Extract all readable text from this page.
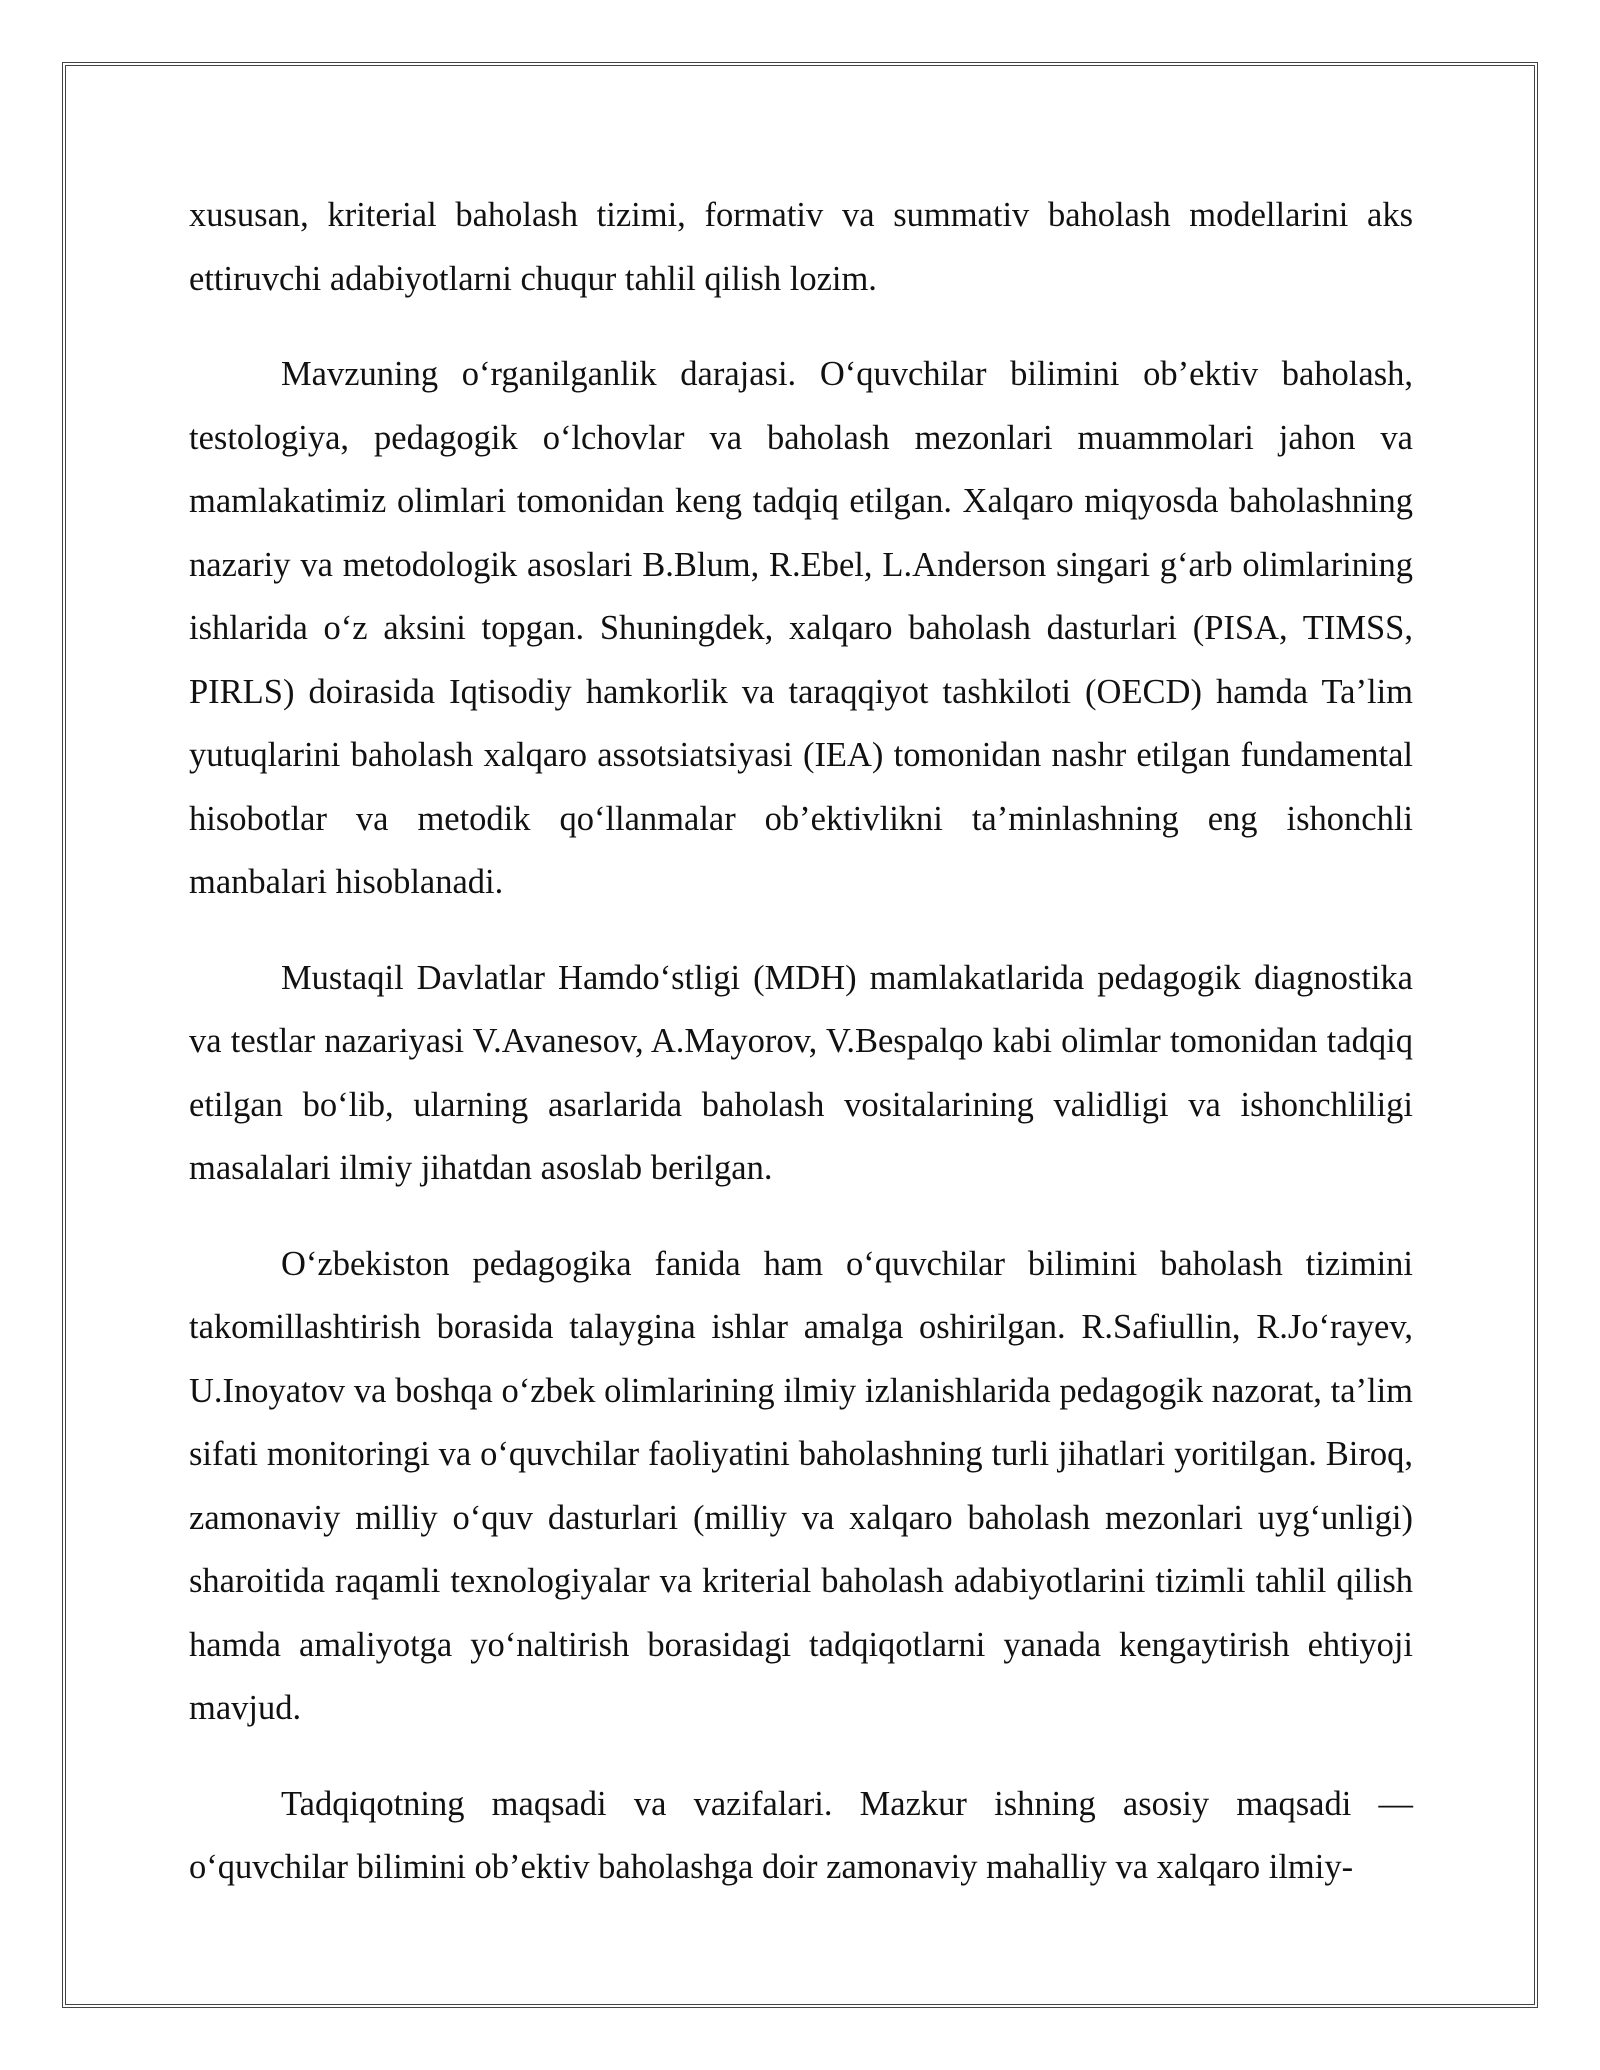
xususan, kriterial baholash tizimi, formativ va summativ baholash modellarini aks ettiruvchi adabiyotlarni chuqur tahlil qilish lozim.

Mavzuning o‘rganilganlik darajasi. O‘quvchilar bilimini ob’ektiv baholash, testologiya, pedagogik o‘lchovlar va baholash mezonlari muammolari jahon va mamlakatimiz olimlari tomonidan keng tadqiq etilgan. Xalqaro miqyosda baholashning nazariy va metodologik asoslari B.Blum, R.Ebel, L.Anderson singari g‘arb olimlarining ishlarida o‘z aksini topgan. Shuningdek, xalqaro baholash dasturlari (PISA, TIMSS, PIRLS) doirasida Iqtisodiy hamkorlik va taraqqiyot tashkiloti (OECD) hamda Ta’lim yutuqlarini baholash xalqaro assotsiatsiyasi (IEA) tomonidan nashr etilgan fundamental hisobotlar va metodik qo‘llanmalar ob’ektivlikni ta’minlashning eng ishonchli manbalari hisoblanadi.

Mustaqil Davlatlar Hamdo‘stligi (MDH) mamlakatlarida pedagogik diagnostika va testlar nazariyasi V.Avanesov, A.Mayorov, V.Bespalqo kabi olimlar tomonidan tadqiq etilgan bo‘lib, ularning asarlarida baholash vositalarining validligi va ishonchliligi masalalari ilmiy jihatdan asoslab berilgan.

O‘zbekiston pedagogika fanida ham o‘quvchilar bilimini baholash tizimini takomillashtirish borasida talaygina ishlar amalga oshirilgan. R.Safiullin, R.Jo‘rayev, U.Inoyatov va boshqa o‘zbek olimlarining ilmiy izlanishlarida pedagogik nazorat, ta’lim sifati monitoringi va o‘quvchilar faoliyatini baholashning turli jihatlari yoritilgan. Biroq, zamonaviy milliy o‘quv dasturlari (milliy va xalqaro baholash mezonlari uyg‘unligi) sharoitida raqamli texnologiyalar va kriterial baholash adabiyotlarini tizimli tahlil qilish hamda amaliyotga yo‘naltirish borasidagi tadqiqotlarni yanada kengaytirish ehtiyoji mavjud.

Tadqiqotning maqsadi va vazifalari. Mazkur ishning asosiy maqsadi — o‘quvchilar bilimini ob’ektiv baholashga doir zamonaviy mahalliy va xalqaro ilmiy-
